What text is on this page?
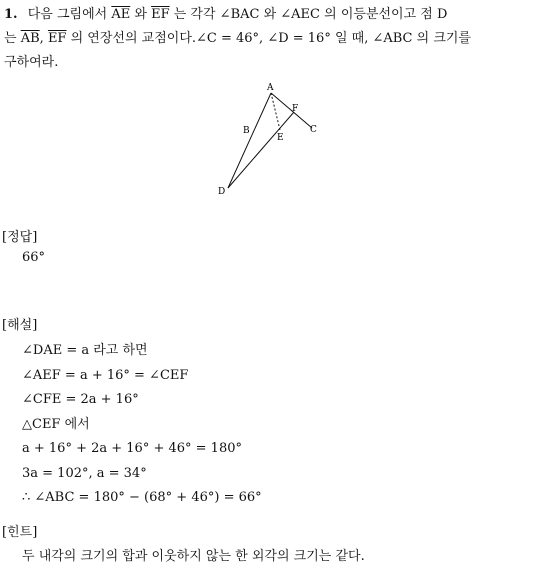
1. 다음 그림에서 $\overline{AE}$ 와 $\overline{EF}$ 는 각각 ∠BAC 와 ∠AEC 의 이등분선이고 점 D
는 $\overline{AB}$, $\overline{EF}$ 의 연장선의 교점이다.∠C = 46°, ∠D = 16° 일 때, ∠ABC 의 크기를
구하여라.
A
B	C
D
E
F
[정답]
66°
[해설]
∠DAE = a 라고 하면
∠AEF = a + 16° = ∠CEF
∠CFE = 2a + 16°
△CEF 에서
a + 16° + 2a + 16° + 46° = 180°
3a = 102°, a = 34°
∴ ∠ABC = 180° − (68° + 46°) = 66°
[힌트]
두 내각의 크기의 합과 이웃하지 않는 한 외각의 크기는 같다.
